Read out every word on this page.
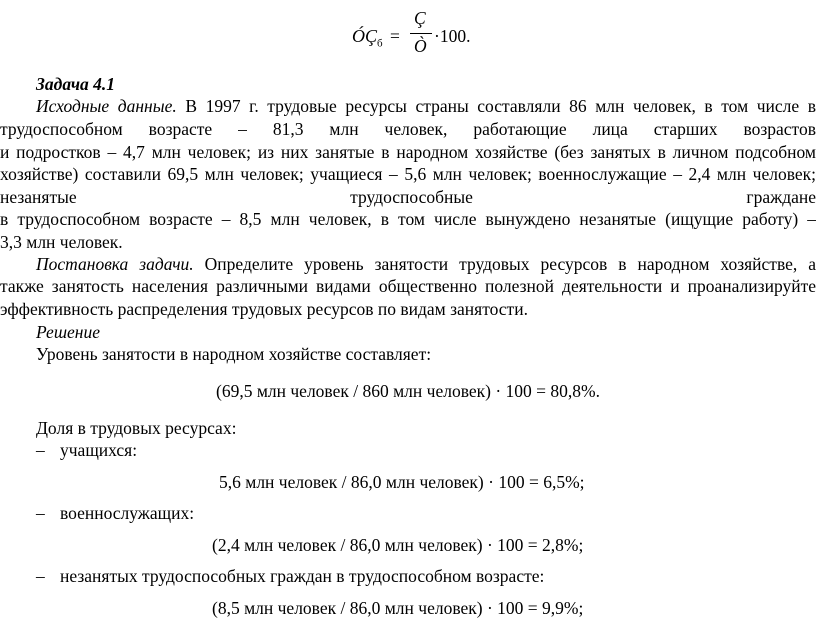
$ÓÇ_б$ =
Ç
Ò ·100.
Задача 4.1
Исходные данные. В 1997 г. трудовые ресурсы страны составляли 86 млн человек, в том числе в
трудоспособном возрасте – 81,3 млн человек, работающие лица старших возрастов
и подростков – 4,7 млн человек; из них занятые в народном хозяйстве (без занятых в личном подсобном
хозяйстве) составили 69,5 млн человек; учащиеся – 5,6 млн человек; военнослужащие – 2,4 млн человек;
незанятые трудоспособные граждане
в трудоспособном возрасте – 8,5 млн человек, в том числе вынуждено незанятые (ищущие работу) –
3,3 млн человек.
Постановка задачи. Определите уровень занятости трудовых ресурсов в народном хозяйстве, а
также занятость населения различными видами общественно полезной деятельности и проанализируйте
эффективность распределения трудовых ресурсов по видам занятости.
Решение
Уровень занятости в народном хозяйстве составляет:
(69,5 млн человек / 860 млн человек) · 100 = 80,8%.
Доля в трудовых ресурсах:
– учащихся:
5,6 млн человек / 86,0 млн человек) · 100 = 6,5%;
– военнослужащих:
(2,4 млн человек / 86,0 млн человек) · 100 = 2,8%;
– незанятых трудоспособных граждан в трудоспособном возрасте:
(8,5 млн человек / 86,0 млн человек) · 100 = 9,9%;
